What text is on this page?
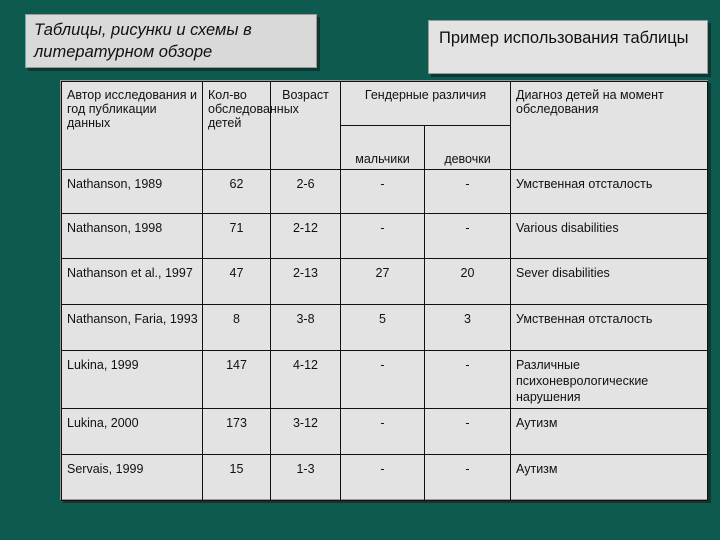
Таблицы, рисунки и схемы в литературном обзоре
Пример использования таблицы
Автор исследования и год публикации данных	Кол-во обследованных детей	Возраст	Гендерные различия		Диагноз детей на момент обследования
			мальчики	девочки	
Nathanson, 1989	62	2-6	-	-	Умственная отсталость
Nathanson, 1998	71	2-12	-	-	Various disabilities
Nathanson et al., 1997	47	2-13	27	20	Sever disabilities
Nathanson, Faria, 1993	8	3-8	5	3	Умственная отсталость
Lukina, 1999	147	4-12	-	-	Различные психоневрологические нарушения
Lukina, 2000	173	3-12	-	-	Аутизм
Servais, 1999	15	1-3	-	-	Аутизм
